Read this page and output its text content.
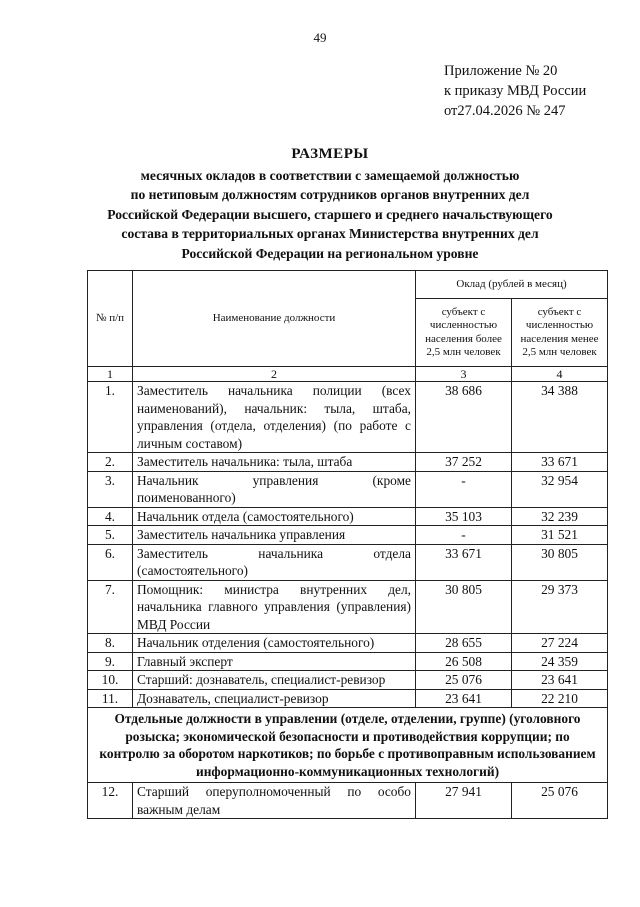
49
Приложение № 20
к приказу МВД России
от27.04.2026 № 247
РАЗМЕРЫ
месячных окладов в соответствии с замещаемой должностью
по нетиповым должностям сотрудников органов внутренних дел
Российской Федерации высшего, старшего и среднего начальствующего
состава в территориальных органах Министерства внутренних дел
Российской Федерации на региональном уровне
№ п/п	Наименование должности	Оклад (рублей в месяц)	
		субъект с численностью населения более 2,5 млн человек	субъект с численностью населения менее 2,5 млн человек
1	2	3	4
1.	Заместитель начальника полиции (всех наименований), начальник: тыла, штаба, управления (отдела, отделения) (по работе с личным составом)	38 686	34 388
2.	Заместитель начальника: тыла, штаба	37 252	33 671
3.	Начальник управления (кроме поименованного)	-	32 954
4.	Начальник отдела (самостоятельного)	35 103	32 239
5.	Заместитель начальника управления	-	31 521
6.	Заместитель начальника отдела (самостоятельного)	33 671	30 805
7.	Помощник: министра внутренних дел, начальника главного управления (управления) МВД России	30 805	29 373
8.	Начальник отделения (самостоятельного)	28 655	27 224
9.	Главный эксперт	26 508	24 359
10.	Старший: дознаватель, специалист-ревизор	25 076	23 641
11.	Дознаватель, специалист-ревизор	23 641	22 210
Отдельные должности в управлении (отделе, отделении, группе) (уголовного розыска; экономической безопасности и противодействия коррупции; по контролю за оборотом наркотиков; по борьбе с противоправным использованием информационно-коммуникационных технологий)			
12.	Старший оперуполномоченный по особо важным делам	27 941	25 076
